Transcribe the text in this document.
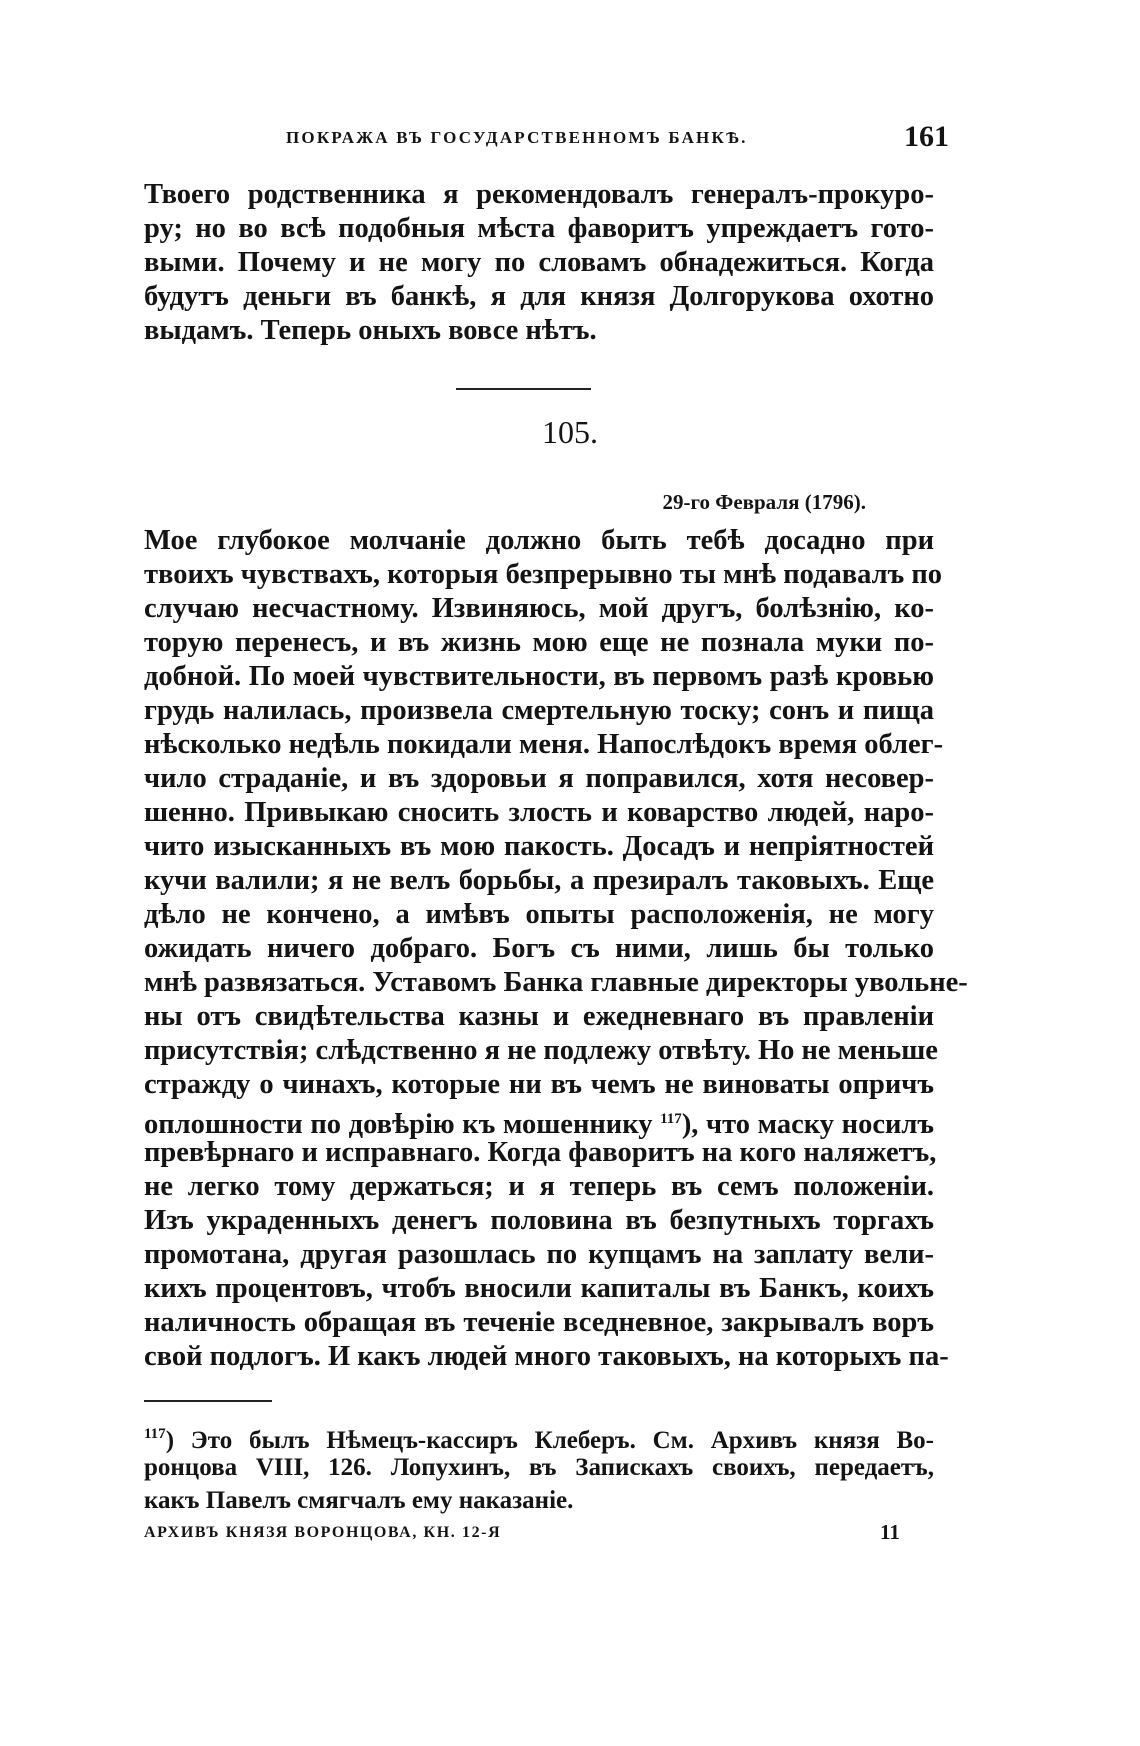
ПОКРАЖА ВЪ ГОСУДАРСТВЕННОМЪ БАНКѢ.	161

Твоего родственника я рекомендовалъ генералъ-прокуро-
ру; но во всѣ подобныя мѣста фаворитъ упреждаетъ гото-
выми. Почему и не могу по словамъ обнадежиться. Когда
будутъ деньги въ банкѣ, я для князя Долгорукова охотно
выдамъ. Теперь оныхъ вовсе нѣтъ.

105.
29-го Февраля (1796).

Мое глубокое молчаніе должно быть тебѣ досадно при
твоихъ чувствахъ, которыя безпрерывно ты мнѣ подавалъ по
случаю несчастному. Извиняюсь, мой другъ, болѣзнію, ко-
торую перенесъ, и въ жизнь мою еще не познала муки по-
добной. По моей чувствительности, въ первомъ разѣ кровью
грудь налилась, произвела смертельную тоску; сонъ и пища
нѣсколько недѣль покидали меня. Напослѣдокъ время облег-
чило страданіе, и въ здоровьи я поправился, хотя несовер-
шенно. Привыкаю сносить злость и коварство людей, наро-
чито изысканныхъ въ мою пакость. Досадъ и непріятностей
кучи валили; я не велъ борьбы, а презиралъ таковыхъ. Еще
дѣло не кончено, а имѣвъ опыты расположенія, не могу
ожидать ничего добраго. Богъ съ ними, лишь бы только
мнѣ развязаться. Уставомъ Банка главные директоры увольне-
ны отъ свидѣтельства казны и ежедневнаго въ правленіи
присутствія; слѣдственно я не подлежу отвѣту. Но не меньше
стражду о чинахъ, которые ни въ чемъ не виноваты опричъ
оплошности по довѣрію къ мошеннику $^{117}$), что маску носилъ
превѣрнаго и исправнаго. Когда фаворитъ на кого наляжетъ,
не легко тому держаться; и я теперь въ семъ положеніи.
Изъ украденныхъ денегъ половина въ безпутныхъ торгахъ
промотана, другая разошлась по купцамъ на заплату вели-
кихъ процентовъ, чтобъ вносили капиталы въ Банкъ, коихъ
наличность обращая въ теченіе вседневное, закрывалъ воръ
свой подлогъ. И какъ людей много таковыхъ, на которыхъ па-

$^{117}$) Это былъ Нѣмецъ-кассиръ Клеберъ. См. Архивъ князя Во-
ронцова VIII, 126. Лопухинъ, въ Запискахъ своихъ, передаетъ,
какъ Павелъ смягчалъ ему наказаніе.

АРХИВЪ КНЯЗЯ ВОРОНЦОВА, КН. 12-Я	11
